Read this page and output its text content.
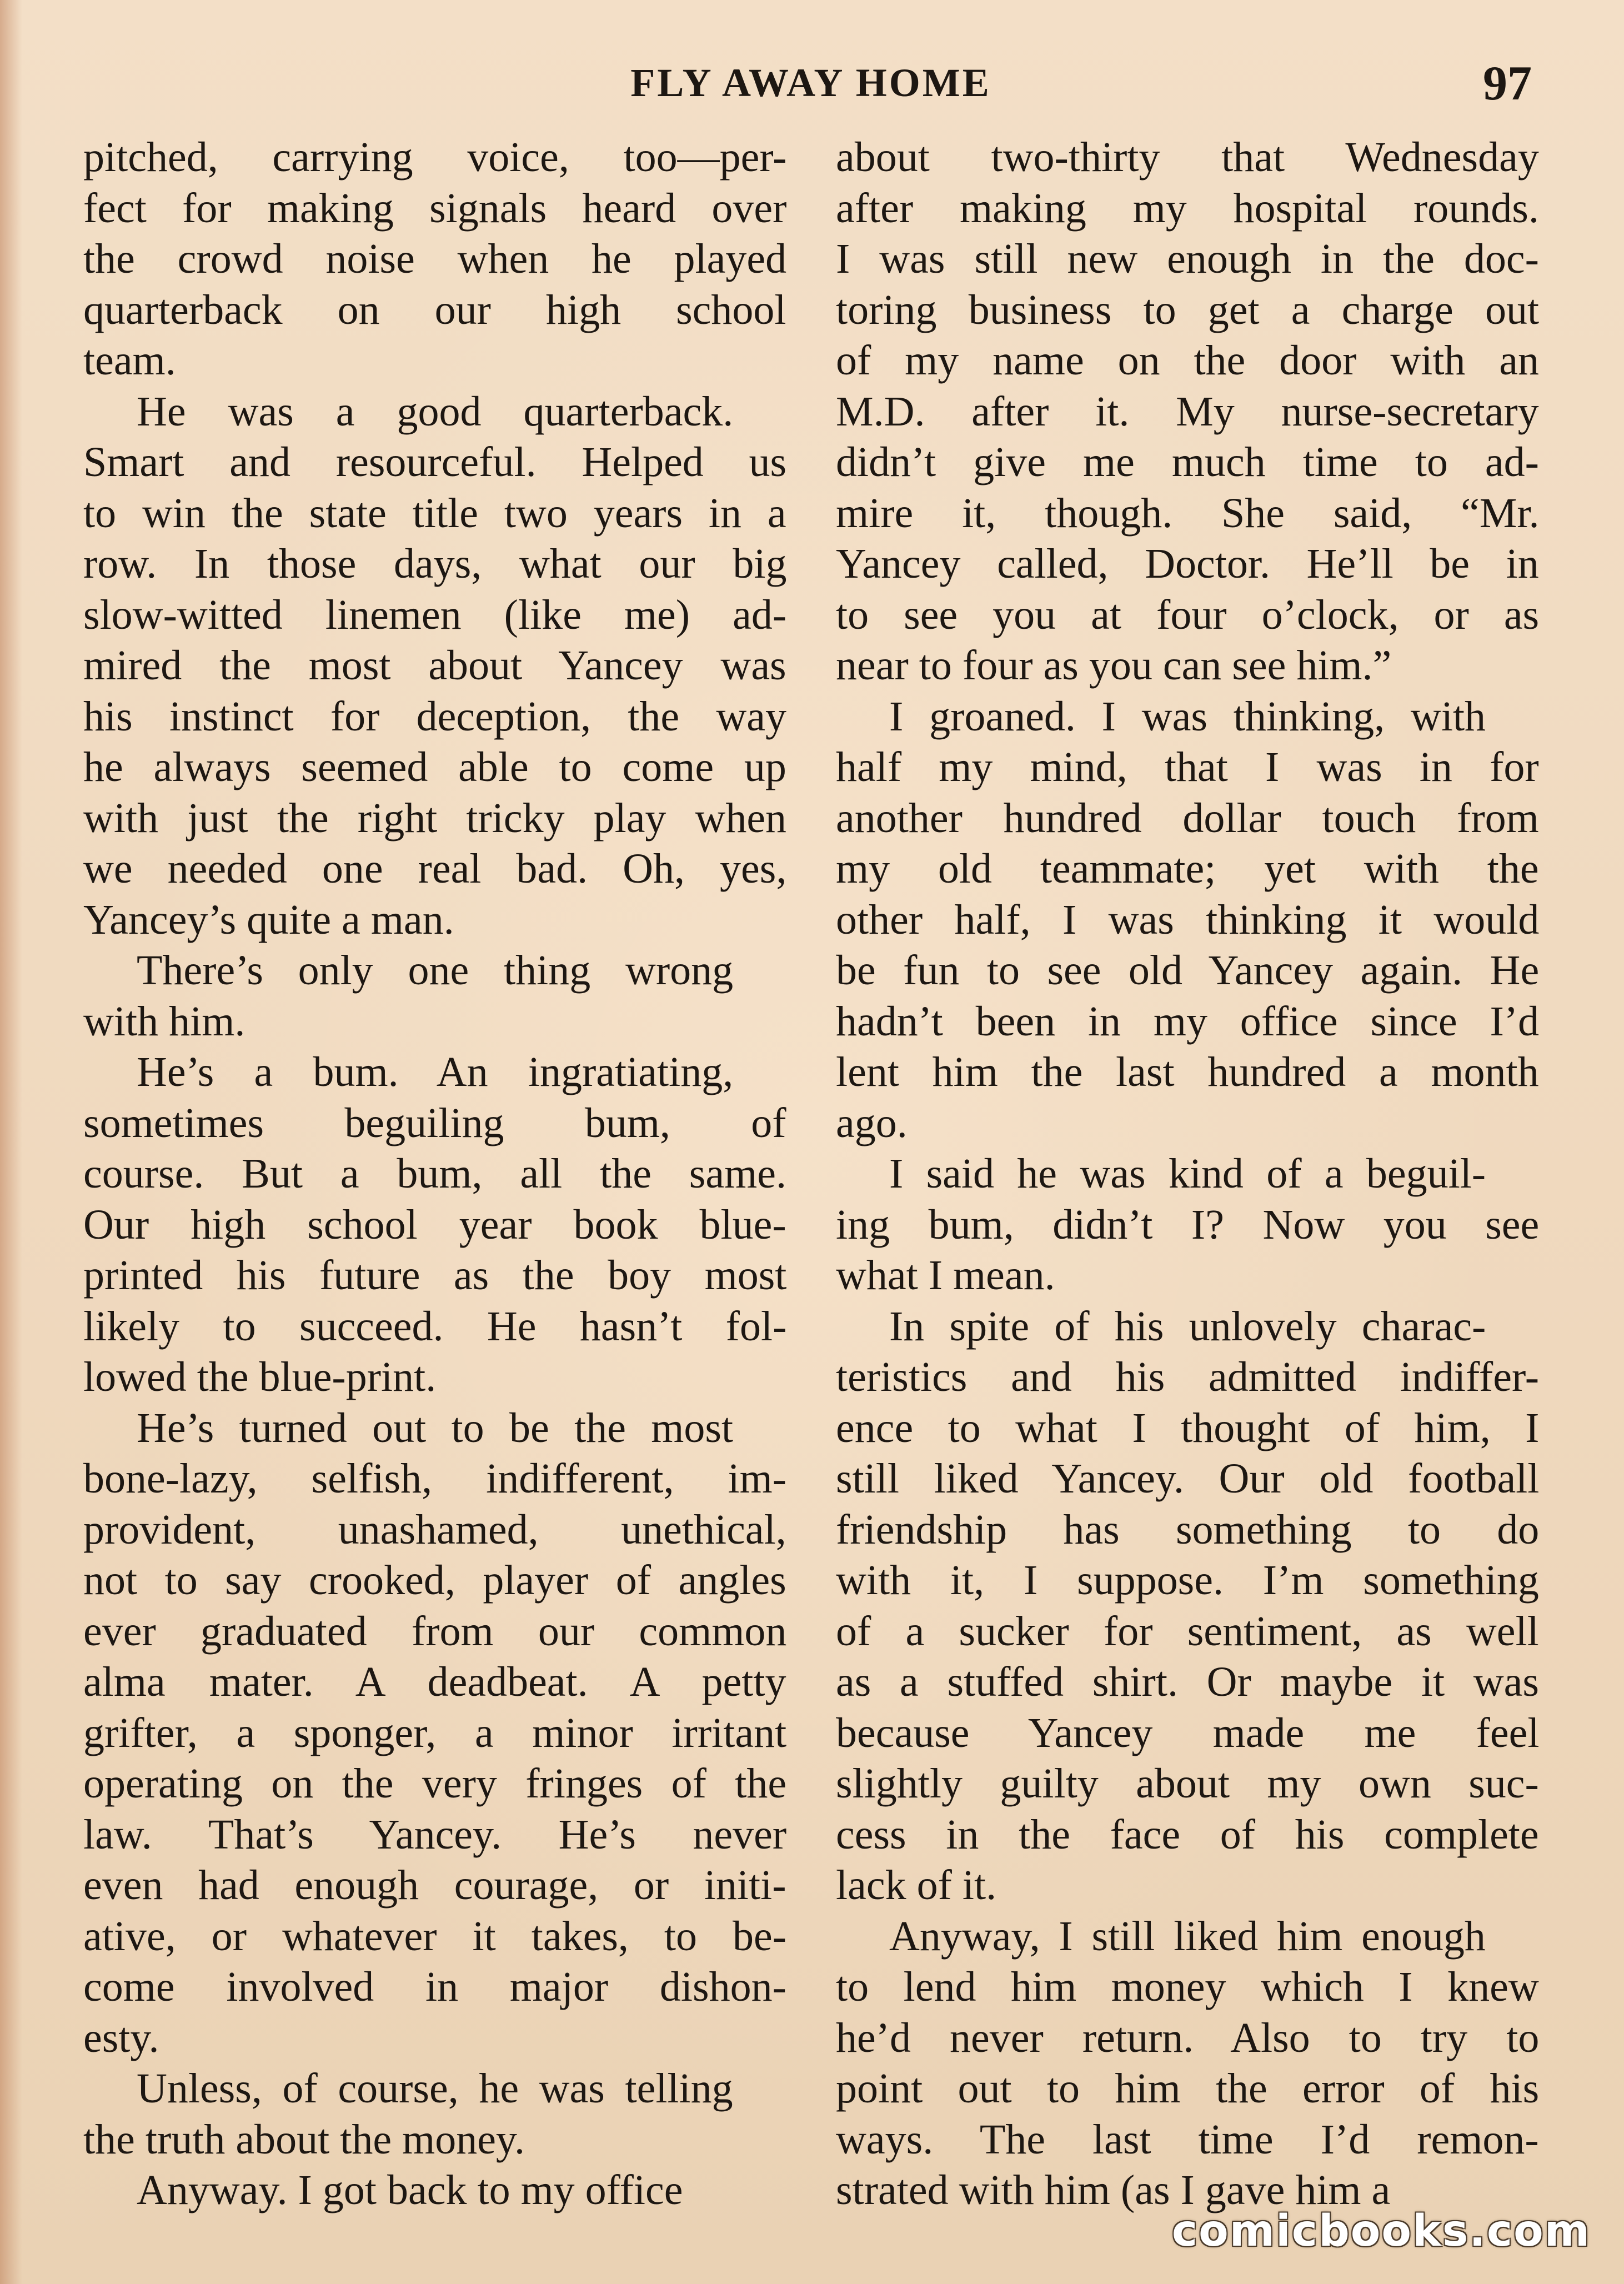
FLY AWAY HOME	97
pitched, carrying voice, too—per-
fect for making signals heard over
the crowd noise when he played
quarterback on our high school
team.
He was a good quarterback.
Smart and resourceful. Helped us
to win the state title two years in a
row. In those days, what our big
slow-witted linemen (like me) ad-
mired the most about Yancey was
his instinct for deception, the way
he always seemed able to come up
with just the right tricky play when
we needed one real bad. Oh, yes,
Yancey’s quite a man.
There’s only one thing wrong
with him.
He’s a bum. An ingratiating,
sometimes beguiling bum, of
course. But a bum, all the same.
Our high school year book blue-
printed his future as the boy most
likely to succeed. He hasn’t fol-
lowed the blue-print.
He’s turned out to be the most
bone-lazy, selfish, indifferent, im-
provident, unashamed, unethical,
not to say crooked, player of angles
ever graduated from our common
alma mater. A deadbeat. A petty
grifter, a sponger, a minor irritant
operating on the very fringes of the
law. That’s Yancey. He’s never
even had enough courage, or initi-
ative, or whatever it takes, to be-
come involved in major dishon-
esty.
Unless, of course, he was telling
the truth about the money.
Anyway. I got back to my office
about two-thirty that Wednesday
after making my hospital rounds.
I was still new enough in the doc-
toring business to get a charge out
of my name on the door with an
M.D. after it. My nurse-secretary
didn’t give me much time to ad-
mire it, though. She said, “Mr.
Yancey called, Doctor. He’ll be in
to see you at four o’clock, or as
near to four as you can see him.”
I groaned. I was thinking, with
half my mind, that I was in for
another hundred dollar touch from
my old teammate; yet with the
other half, I was thinking it would
be fun to see old Yancey again. He
hadn’t been in my office since I’d
lent him the last hundred a month
ago.
I said he was kind of a beguil-
ing bum, didn’t I? Now you see
what I mean.
In spite of his unlovely charac-
teristics and his admitted indiffer-
ence to what I thought of him, I
still liked Yancey. Our old football
friendship has something to do
with it, I suppose. I’m something
of a sucker for sentiment, as well
as a stuffed shirt. Or maybe it was
because Yancey made me feel
slightly guilty about my own suc-
cess in the face of his complete
lack of it.
Anyway, I still liked him enough
to lend him money which I knew
he’d never return. Also to try to
point out to him the error of his
ways. The last time I’d remon-
strated with him (as I gave him a
comicbooks.com
